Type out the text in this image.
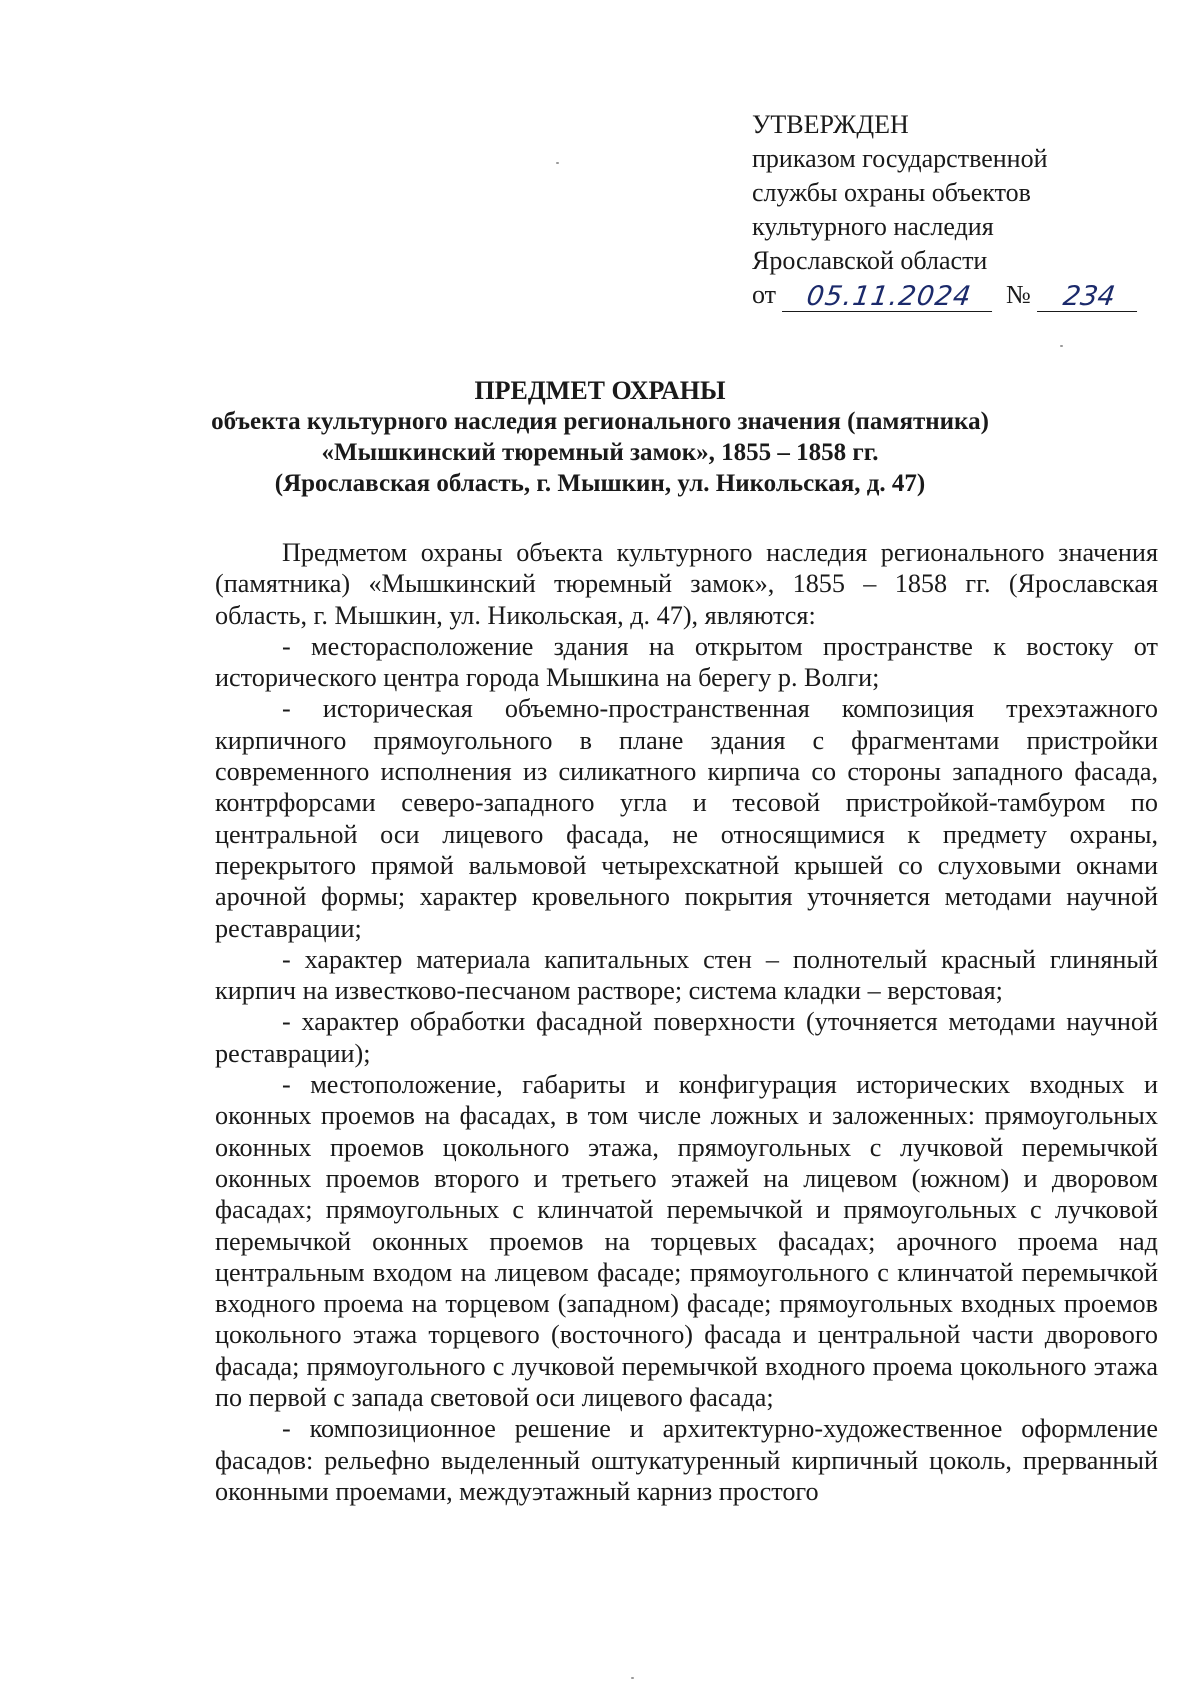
УТВЕРЖДЕН
приказом государственной
службы охраны объектов
культурного наследия
Ярославской области
от	05.11.2024	№	234
ПРЕДМЕТ ОХРАНЫ
объекта культурного наследия регионального значения (памятника)
«Мышкинский тюремный замок», 1855 – 1858 гг.
(Ярославская область, г. Мышкин, ул. Никольская, д. 47)

Предметом охраны объекта культурного наследия регионального значения (памятника) «Мышкинский тюремный замок», 1855 – 1858 гг. (Ярославская область, г. Мышкин, ул. Никольская, д. 47), являются:

- месторасположение здания на открытом пространстве к востоку от исторического центра города Мышкина на берегу р. Волги;

- историческая объемно-пространственная композиция трехэтажного кирпичного прямоугольного в плане здания с фрагментами пристройки современного исполнения из силикатного кирпича со стороны западного фасада, контрфорсами северо-западного угла и тесовой пристройкой-тамбуром по центральной оси лицевого фасада, не относящимися к предмету охраны, перекрытого прямой вальмовой четырехскатной крышей со слуховыми окнами арочной формы; характер кровельного покрытия уточняется методами научной реставрации;

- характер материала капитальных стен – полнотелый красный глиняный кирпич на известково-песчаном растворе; система кладки – верстовая;

- характер обработки фасадной поверхности (уточняется методами научной реставрации);

- местоположение, габариты и конфигурация исторических входных и оконных проемов на фасадах, в том числе ложных и заложенных: прямоугольных оконных проемов цокольного этажа, прямоугольных с лучковой перемычкой оконных проемов второго и третьего этажей на лицевом (южном) и дворовом фасадах; прямоугольных с клинчатой перемычкой и прямоугольных с лучковой перемычкой оконных проемов на торцевых фасадах; арочного проема над центральным входом на лицевом фасаде; прямоугольного с клинчатой перемычкой входного проема на торцевом (западном) фасаде; прямоугольных входных проемов цокольного этажа торцевого (восточного) фасада и центральной части дворового фасада; прямоугольного с лучковой перемычкой входного проема цокольного этажа по первой с запада световой оси лицевого фасада;

- композиционное решение и архитектурно-художественное оформление фасадов: рельефно выделенный оштукатуренный кирпичный цоколь, прерванный оконными проемами, междуэтажный карниз простого
